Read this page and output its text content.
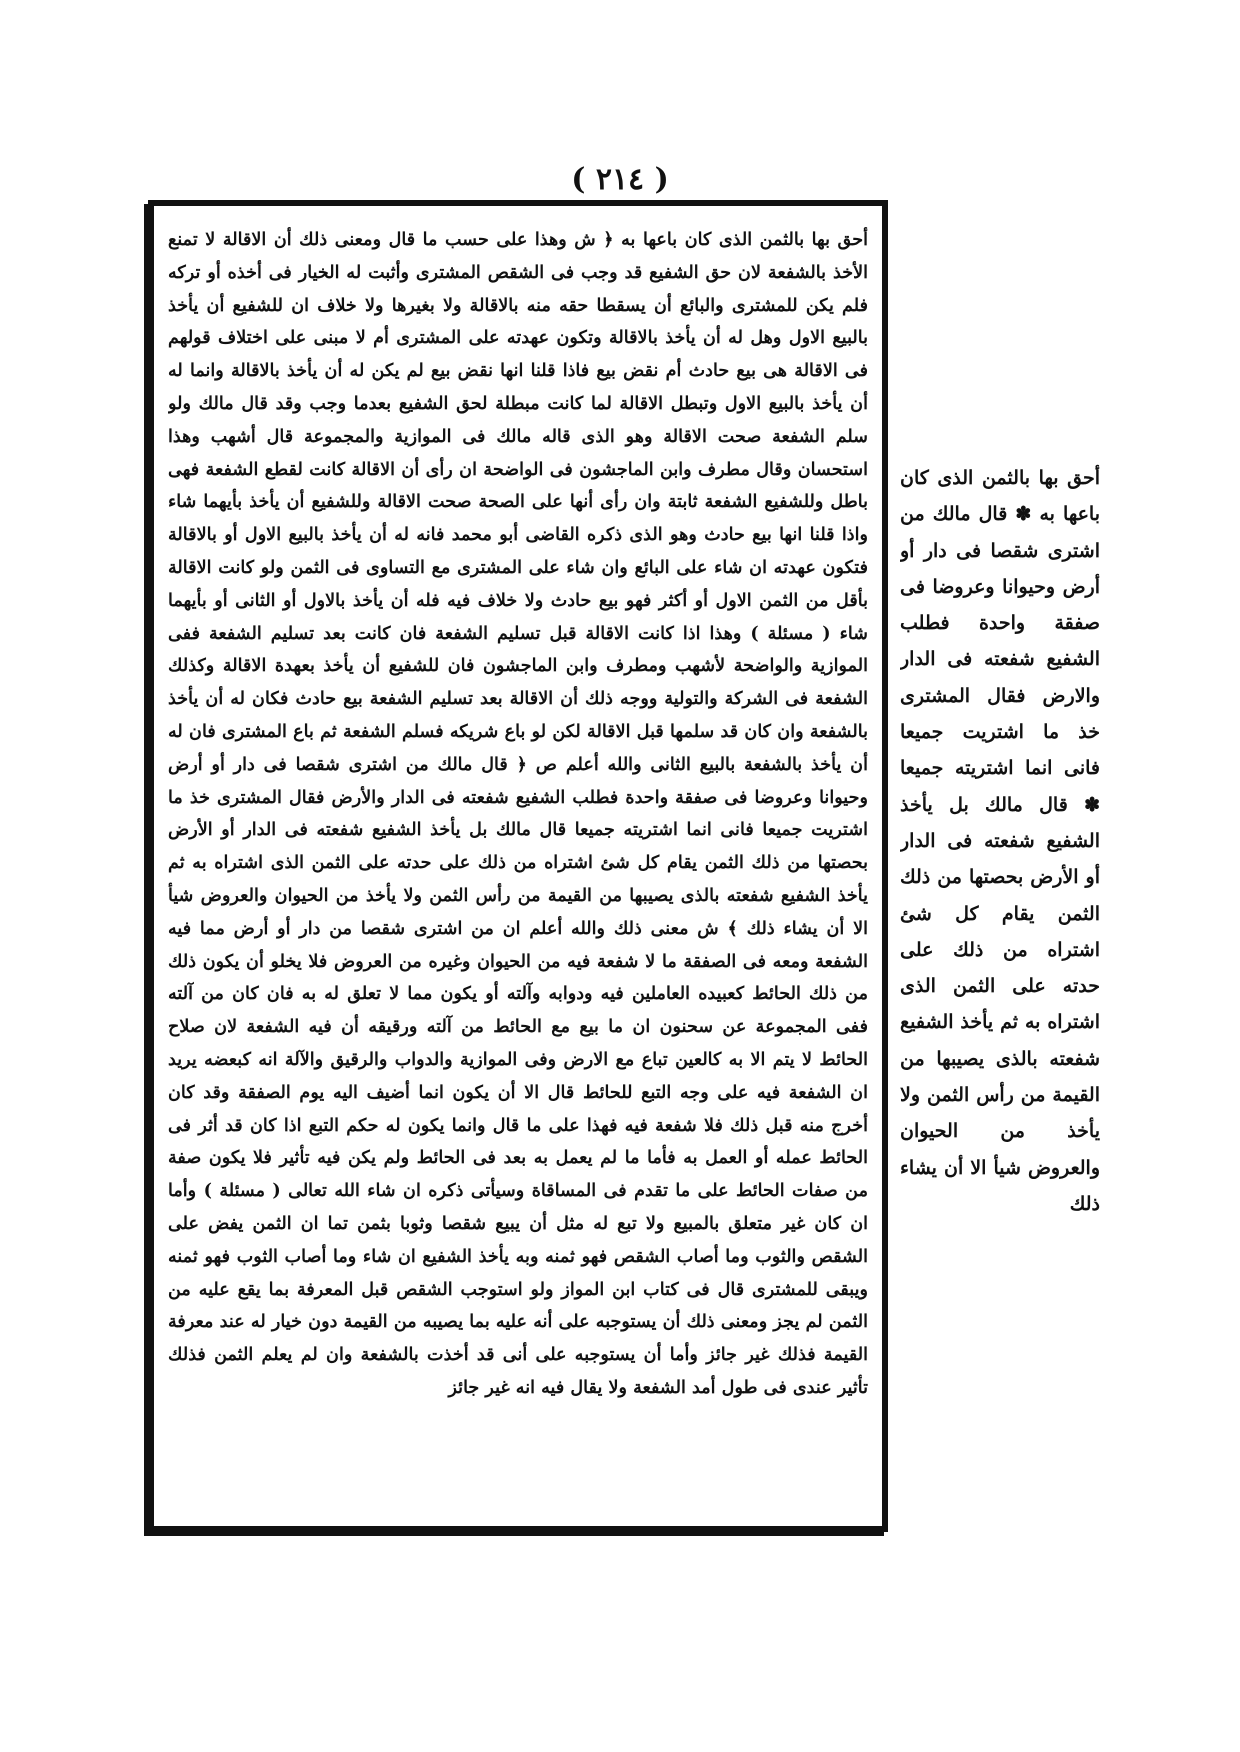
( ٢١٤ )

أحق بها بالثمن الذى كان باعها به ﴿ ش وهذا على حسب ما قال ومعنى ذلك أن الاقالة لا تمنع الأخذ بالشفعة لان حق الشفيع قد وجب فى الشقص المشترى وأثبت له الخيار فى أخذه أو تركه فلم يكن للمشترى والبائع أن يسقطا حقه منه بالاقالة ولا بغيرها ولا خلاف ان للشفيع أن يأخذ بالبيع الاول وهل له أن يأخذ بالاقالة وتكون عهدته على المشترى أم لا مبنى على اختلاف قولهم فى الاقالة هى بيع حادث أم نقض بيع فاذا قلنا انها نقض بيع لم يكن له أن يأخذ بالاقالة وانما له أن يأخذ بالبيع الاول وتبطل الاقالة لما كانت مبطلة لحق الشفيع بعدما وجب وقد قال مالك ولو سلم الشفعة صحت الاقالة وهو الذى قاله مالك فى الموازية والمجموعة قال أشهب وهذا استحسان وقال مطرف وابن الماجشون فى الواضحة ان رأى أن الاقالة كانت لقطع الشفعة فهى باطل وللشفيع الشفعة ثابتة وان رأى أنها على الصحة صحت الاقالة وللشفيع أن يأخذ بأيهما شاء واذا قلنا انها بيع حادث وهو الذى ذكره القاضى أبو محمد فانه له أن يأخذ بالبيع الاول أو بالاقالة فتكون عهدته ان شاء على البائع وان شاء على المشترى مع التساوى فى الثمن ولو كانت الاقالة بأقل من الثمن الاول أو أكثر فهو بيع حادث ولا خلاف فيه فله أن يأخذ بالاول أو الثانى أو بأيهما شاء ( مسئلة ) وهذا اذا كانت الاقالة قبل تسليم الشفعة فان كانت بعد تسليم الشفعة ففى الموازية والواضحة لأشهب ومطرف وابن الماجشون فان للشفيع أن يأخذ بعهدة الاقالة وكذلك الشفعة فى الشركة والتولية ووجه ذلك أن الاقالة بعد تسليم الشفعة بيع حادث فكان له أن يأخذ بالشفعة وان كان قد سلمها قبل الاقالة لكن لو باع شريكه فسلم الشفعة ثم باع المشترى فان له أن يأخذ بالشفعة بالبيع الثانى والله أعلم ص ﴿ قال مالك من اشترى شقصا فى دار أو أرض وحيوانا وعروضا فى صفقة واحدة فطلب الشفيع شفعته فى الدار والأرض فقال المشترى خذ ما اشتريت جميعا فانى انما اشتريته جميعا قال مالك بل يأخذ الشفيع شفعته فى الدار أو الأرض بحصتها من ذلك الثمن يقام كل شئ اشتراه من ذلك على حدته على الثمن الذى اشتراه به ثم يأخذ الشفيع شفعته بالذى يصيبها من القيمة من رأس الثمن ولا يأخذ من الحيوان والعروض شيأ الا أن يشاء ذلك ﴾ ش معنى ذلك والله أعلم ان من اشترى شقصا من دار أو أرض مما فيه الشفعة ومعه فى الصفقة ما لا شفعة فيه من الحيوان وغيره من العروض فلا يخلو أن يكون ذلك من ذلك الحائط كعبيده العاملين فيه ودوابه وآلته أو يكون مما لا تعلق له به فان كان من آلته ففى المجموعة عن سحنون ان ما بيع مع الحائط من آلته ورقيقه أن فيه الشفعة لان صلاح الحائط لا يتم الا به كالعين تباع مع الارض وفى الموازية والدواب والرقيق والآلة انه كبعضه يريد ان الشفعة فيه على وجه التبع للحائط قال الا أن يكون انما أضيف اليه يوم الصفقة وقد كان أخرج منه قبل ذلك فلا شفعة فيه فهذا على ما قال وانما يكون له حكم التبع اذا كان قد أثر فى الحائط عمله أو العمل به فأما ما لم يعمل به بعد فى الحائط ولم يكن فيه تأثير فلا يكون صفة من صفات الحائط على ما تقدم فى المساقاة وسيأتى ذكره ان شاء الله تعالى ( مسئلة ) وأما ان كان غير متعلق بالمبيع ولا تبع له مثل أن يبيع شقصا وثوبا بثمن تما ان الثمن يفض على الشقص والثوب وما أصاب الشقص فهو ثمنه وبه يأخذ الشفيع ان شاء وما أصاب الثوب فهو ثمنه ويبقى للمشترى قال فى كتاب ابن المواز ولو استوجب الشقص قبل المعرفة بما يقع عليه من الثمن لم يجز ومعنى ذلك أن يستوجبه على أنه عليه بما يصيبه من القيمة دون خيار له عند معرفة القيمة فذلك غير جائز وأما أن يستوجبه على أنى قد أخذت بالشفعة وان لم يعلم الثمن فذلك تأثير عندى فى طول أمد الشفعة ولا يقال فيه انه غير جائز

أحق بها بالثمن الذى كان باعها به ✽ قال مالك من اشترى شقصا فى دار أو أرض وحيوانا وعروضا فى صفقة واحدة فطلب الشفيع شفعته فى الدار والارض فقال المشترى خذ ما اشتريت جميعا فانى انما اشتريته جميعا ✽ قال مالك بل يأخذ الشفيع شفعته فى الدار أو الأرض بحصتها من ذلك الثمن يقام كل شئ اشتراه من ذلك على حدته على الثمن الذى اشتراه به ثم يأخذ الشفيع شفعته بالذى يصيبها من القيمة من رأس الثمن ولا يأخذ من الحيوان والعروض شيأ الا أن يشاء ذلك
